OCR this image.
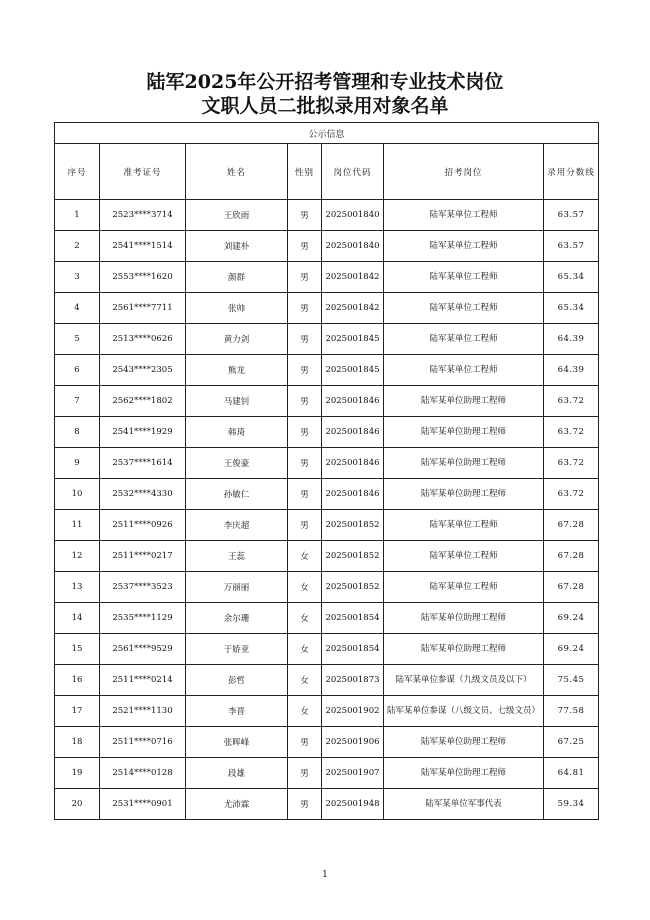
陆军2025年公开招考管理和专业技术岗位
文职人员二批拟录用对象名单
公示信息						
序号	准考证号	姓名	性别	岗位代码	招考岗位	录用分数线
1	2523****3714	王欣雨	男	2025001840	陆军某单位工程师	63.57
2	2541****1514	刘建朴	男	2025001840	陆军某单位工程师	63.57
3	2553****1620	颜群	男	2025001842	陆军某单位工程师	65.34
4	2561****7711	张帅	男	2025001842	陆军某单位工程师	65.34
5	2513****0626	黄力剑	男	2025001845	陆军某单位工程师	64.39
6	2543****2305	熊龙	男	2025001845	陆军某单位工程师	64.39
7	2562****1802	马建钊	男	2025001846	陆军某单位助理工程师	63.72
8	2541****1929	韩琦	男	2025001846	陆军某单位助理工程师	63.72
9	2537****1614	王俊豪	男	2025001846	陆军某单位助理工程师	63.72
10	2532****4330	孙敏仁	男	2025001846	陆军某单位助理工程师	63.72
11	2511****0926	李庆超	男	2025001852	陆军某单位工程师	67.28
12	2511****0217	王蕊	女	2025001852	陆军某单位工程师	67.28
13	2537****3523	万丽丽	女	2025001852	陆军某单位工程师	67.28
14	2535****1129	余尔珊	女	2025001854	陆军某单位助理工程师	69.24
15	2561****9529	于娇亚	女	2025001854	陆军某单位助理工程师	69.24
16	2511****0214	彭哲	女	2025001873	陆军某单位参谋（九级文员及以下）	75.45
17	2521****1130	李晋	女	2025001902	陆军某单位参谋（八级文员、七级文员）	77.58
18	2511****0716	张晖峰	男	2025001906	陆军某单位助理工程师	67.25
19	2514****0128	段雄	男	2025001907	陆军某单位助理工程师	64.81
20	2531****0901	尤沛霖	男	2025001948	陆军某单位军事代表	59.34
1
